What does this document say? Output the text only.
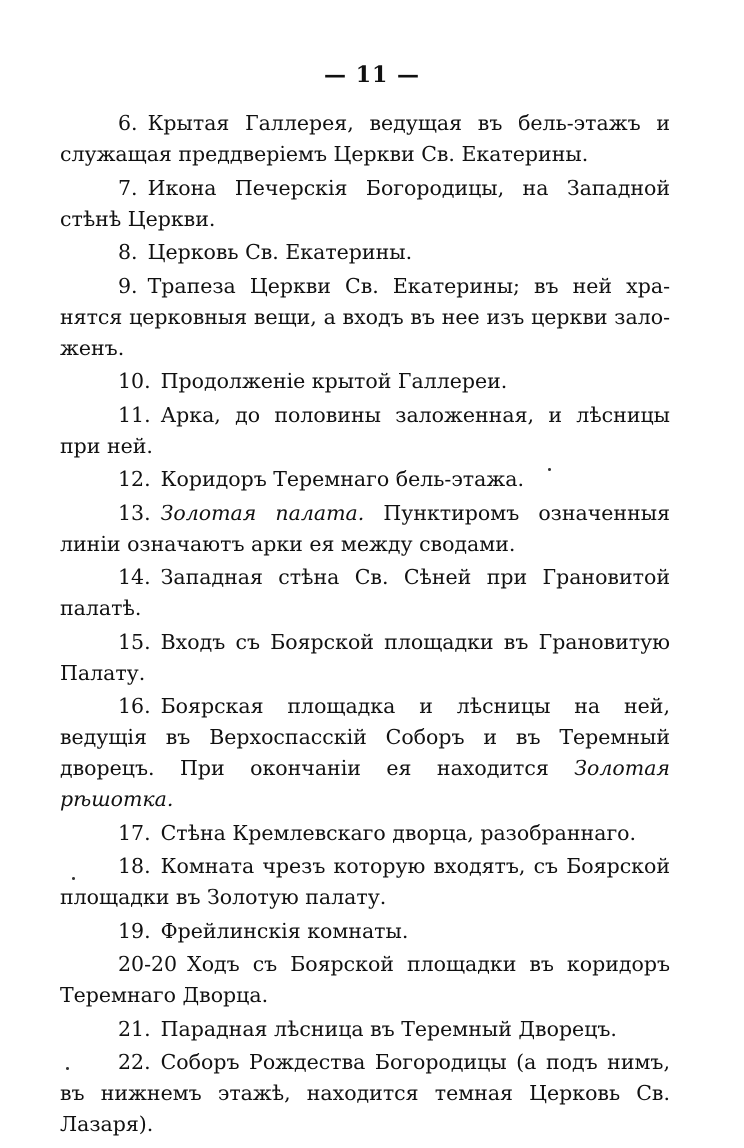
— 11 —

6. Крытая Галлерея, ведущая въ бель-этажъ и служащая преддверіемъ Церкви Св. Екатерины.

7. Икона Печерскія Богородицы, на Западной стѣнѣ Церкви.

8. Церковь Св. Екатерины.

9. Трапеза Церкви Св. Екатерины; въ ней хранятся церковныя вещи, а входъ въ нее изъ церкви заложенъ.

10. Продолженіе крытой Галлереи.

11. Арка, до половины заложенная, и лѣсницы при ней.

12. Коридоръ Теремнаго бель-этажа.

13. Золотая палата. Пунктиромъ означенныя линіи означаютъ арки ея между сводами.

14. Западная стѣна Св. Сѣней при Грановитой палатѣ.

15. Входъ съ Боярской площадки въ Грановитую Палату.

16. Боярская площадка и лѣсницы на ней, ведущія въ Верхоспасскій Соборъ и въ Теремный дворецъ. При окончаніи ея находится Золотая рѣшотка.

17. Стѣна Кремлевскаго дворца, разобраннаго.

18. Комната чрезъ которую входятъ, съ Боярской площадки въ Золотую палату.

19. Фрейлинскія комнаты.

20-20 Ходъ съ Боярской площадки въ коридоръ Теремнаго Дворца.

21. Парадная лѣсница въ Теремный Дворецъ.

22. Соборъ Рождества Богородицы (а подъ нимъ, въ нижнемъ этажѣ, находится темная Церковь Св. Лазаря).
